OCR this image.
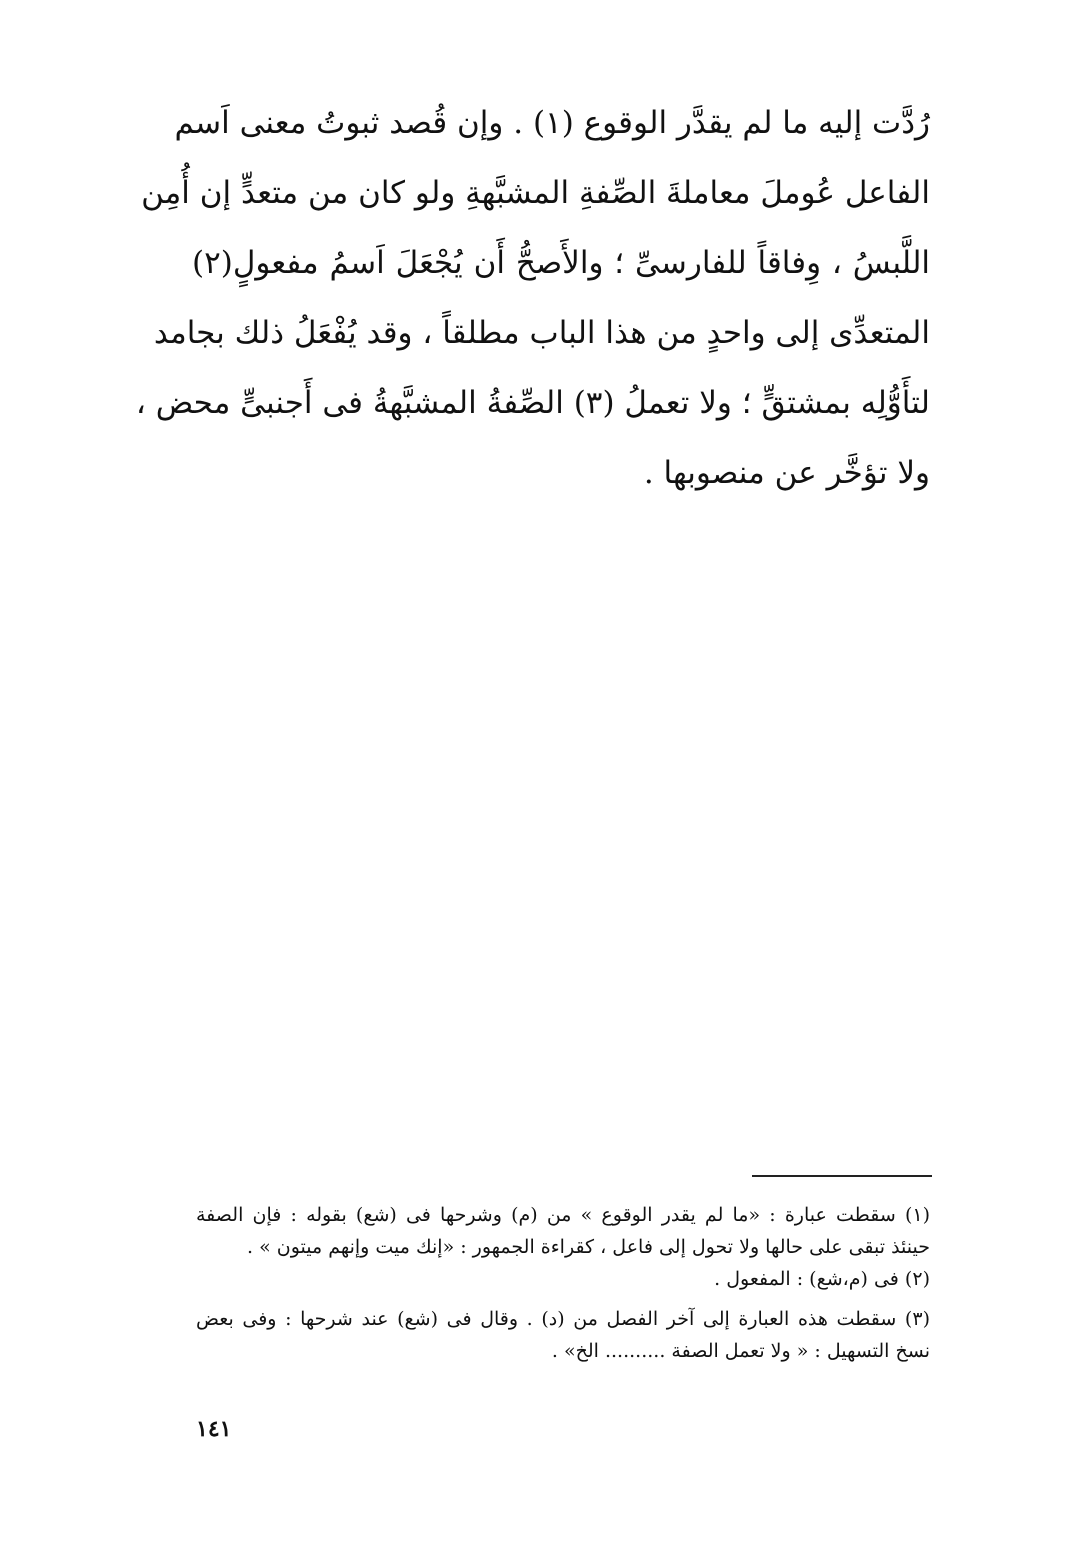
رُدَّت إليه ما لم يقدَّر الوقوع (١) . وإن قُصد ثبوتُ معنى اَسم
الفاعل عُوملَ معاملةَ الصِّفةِ المشبَّهةِ ولو كان من متعدٍّ إن أُمِن
اللَّبسُ ، وِفاقاً للفارسىِّ ؛ والأَصحُّ أَن يُجْعَلَ اَسمُ مفعولٍ(٢)
المتعدِّى إلى واحدٍ من هذا الباب مطلقاً ، وقد يُفْعَلُ ذلك بجامد
لتأَوُّلِه بمشتقٍّ ؛ ولا تعملُ (٣) الصِّفةُ المشبَّهةُ فى أَجنبىٍّ محض ،
ولا تؤخَّر عن منصوبها .
(١) سقطت عبارة : «ما لم يقدر الوقوع » من (م) وشرحها فى (شع) بقوله : فإن الصفة
حينئذ تبقى على حالها ولا تحول إلى فاعل ، كقراءة الجمهور : «إنك ميت وإنهم ميتون » .
(٢) فى (م،شع) : المفعول .
(٣) سقطت هذه العبارة إلى آخر الفصل من (د) . وقال فى (شع) عند شرحها : وفى بعض
نسخ التسهيل : « ولا تعمل الصفة .......... الخ» .
١٤١
